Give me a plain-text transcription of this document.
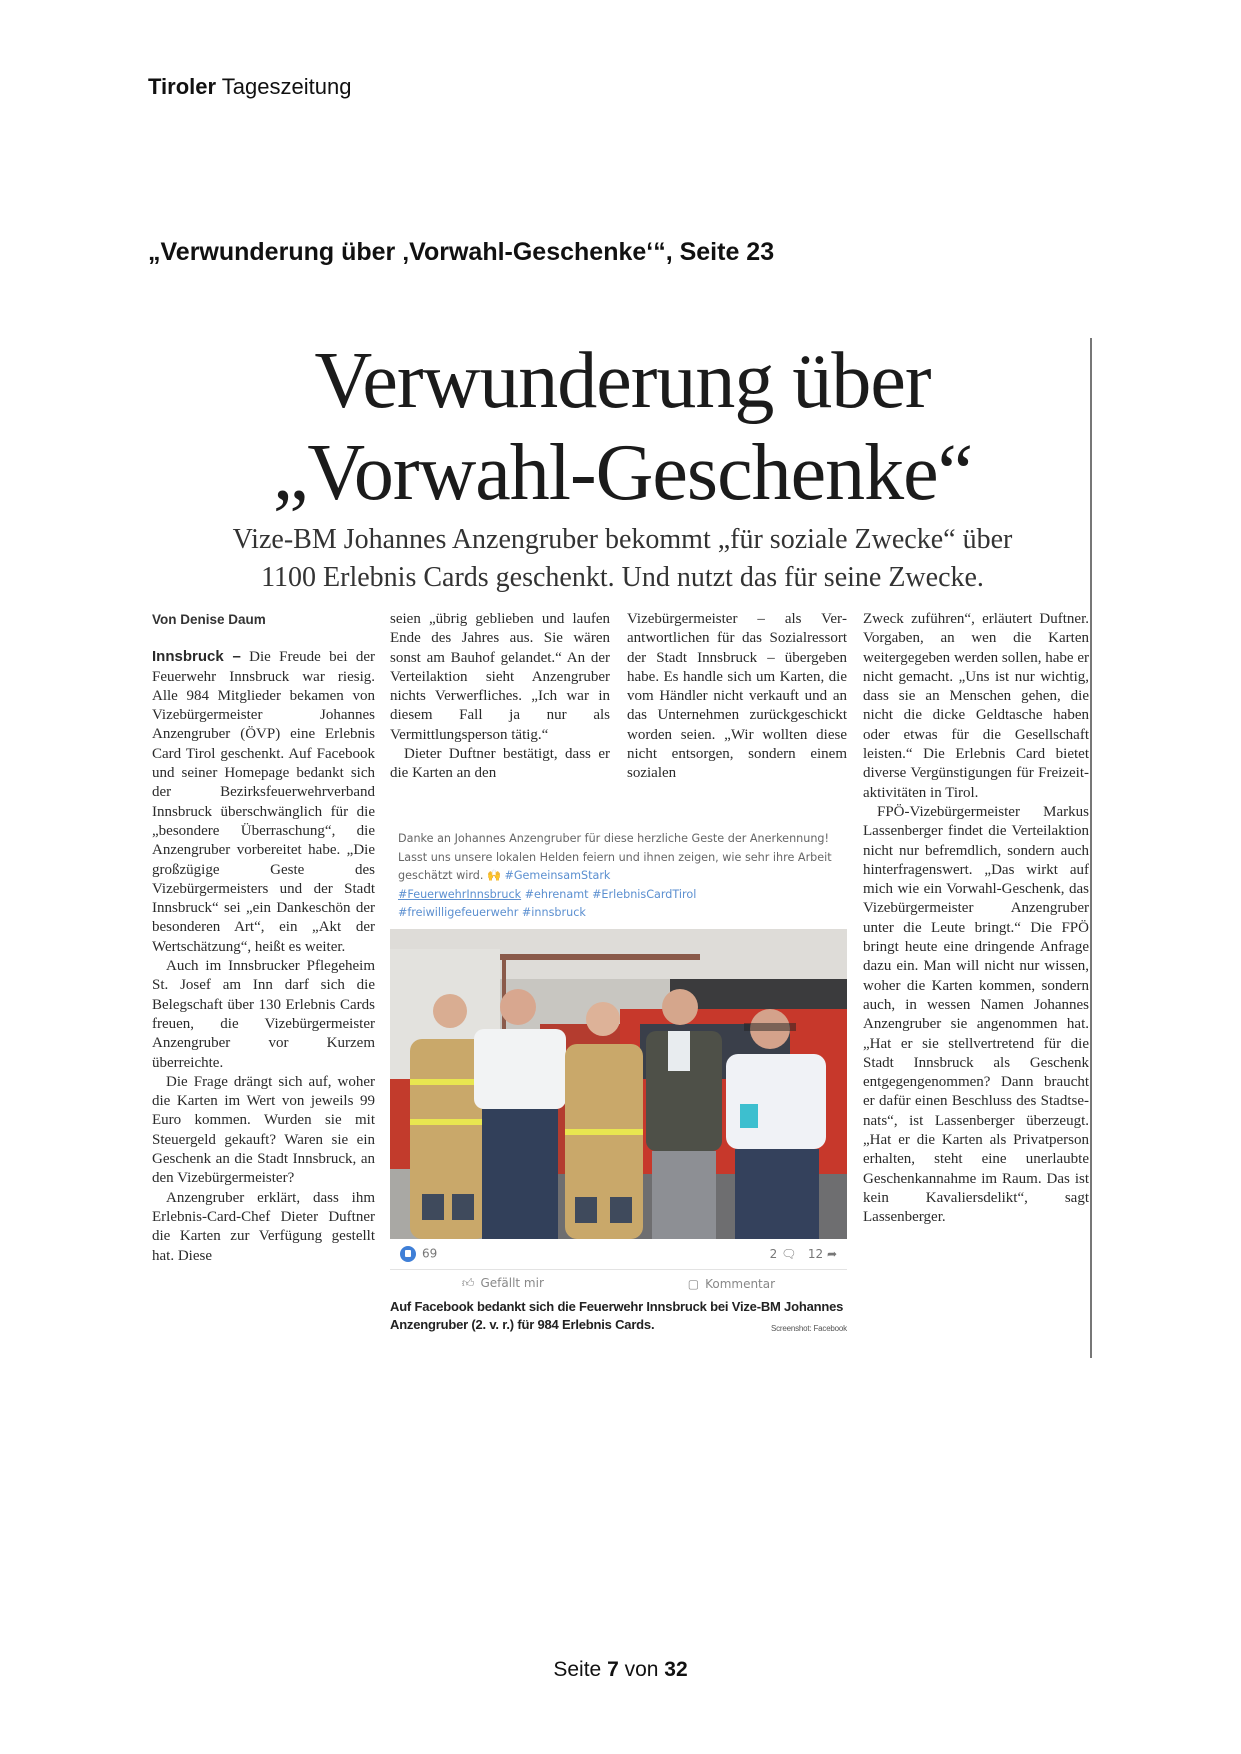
Tiroler Tageszeitung
„Verwunderung über ‚Vorwahl-Geschenke‘“, Seite 23
Verwunderung über
„Vorwahl-Geschenke“
Vize-BM Johannes Anzengruber bekommt „für soziale Zwecke“ über
1100 Erlebnis Cards geschenkt. Und nutzt das für seine Zwecke.
Von Denise Daum

Innsbruck – Die Freude bei der Feuerwehr Innsbruck war riesig. Alle 984 Mitglieder bekamen von Vizebürgermeister Johannes Anzengruber (ÖVP) eine Erlebnis Card Tirol geschenkt. Auf Facebook und seiner Homepage bedankt sich der Bezirksfeuerwehrverband Innsbruck überschwänglich für die „besondere Überraschung“, die Anzengruber vorbereitet habe. „Die großzügige Geste des Vizebürgermeisters und der Stadt Innsbruck“ sei „ein Dankeschön der besonderen Art“, ein „Akt der Wertschätzung“, heißt es weiter.

Auch im Innsbrucker Pflegeheim St. Josef am Inn darf sich die Belegschaft über 130 Erlebnis Cards freuen, die Vizebürgermeister Anzengruber vor Kurzem überreichte.

Die Frage drängt sich auf, woher die Karten im Wert von jeweils 99 Euro kommen. Wurden sie mit Steuergeld gekauft? Waren sie ein Geschenk an die Stadt Innsbruck, an den Vizebürgermeister?

Anzengruber erklärt, dass ihm Erlebnis-Card-Chef Dieter Duftner die Karten zur Verfügung gestellt hat. Diese

seien „übrig geblieben und laufen Ende des Jahres aus. Sie wären sonst am Bauhof gelandet.“ An der Verteilaktion sieht Anzengruber nichts Verwerfliches. „Ich war in diesem Fall ja nur als Vermittlungsperson tätig.“

Dieter Duftner bestätigt, dass er die Karten an den

Vizebürgermeister – als Verantwortlichen für das Sozialressort der Stadt Innsbruck – übergeben habe. Es handle sich um Karten, die vom Händler nicht verkauft und an das Unternehmen zurückgeschickt worden seien. „Wir wollten diese nicht entsorgen, sondern einem sozialen

Zweck zuführen“, erläutert Duftner. Vorgaben, an wen die Karten weitergegeben werden sollen, habe er nicht gemacht. „Uns ist nur wichtig, dass sie an Menschen gehen, die nicht die dicke Geldtasche haben oder etwas für die Gesellschaft leisten.“ Die Erlebnis Card bietet diverse Vergünstigungen für Freizeitaktivitäten in Tirol.

FPÖ-Vizebürgermeister Markus Lassenberger findet die Verteilaktion nicht nur befremdlich, sondern auch hinterfragenswert. „Das wirkt auf mich wie ein Vorwahl-Geschenk, das Vizebürgermeister Anzengruber unter die Leute bringt.“ Die FPÖ bringt heute eine dringende Anfrage dazu ein. Man will nicht nur wissen, woher die Karten kommen, sondern auch, in wessen Namen Johannes Anzengruber sie angenommen hat. „Hat er sie stellvertretend für die Stadt Innsbruck als Geschenk entgegengenommen? Dann braucht er dafür einen Beschluss des Stadtsenats“, ist Lassenberger überzeugt. „Hat er die Karten als Privatperson erhalten, steht eine unerlaubte Geschenkannahme im Raum. Das ist kein Kavaliersdelikt“, sagt Lassenberger.

Danke an Johannes Anzengruber für diese herzliche Geste der Anerkennung! Lasst uns unsere lokalen Helden feiern und ihnen zeigen, wie sehr ihre Arbeit geschätzt wird. 🙌 #GemeinsamStark
#FeuerwehrInnsbruck #ehrenamt #ErlebnisCardTirol
#freiwilligefeuerwehr #innsbruck
69	2 🗨 12 ➦
👍︎ Gefällt mir	▢ Kommentar
Auf Facebook bedankt sich die Feuerwehr Innsbruck bei Vize-BM Johannes Anzengruber (2. v. r.) für 984 Erlebnis Cards.	Screenshot: Facebook
Seite 7 von 32
